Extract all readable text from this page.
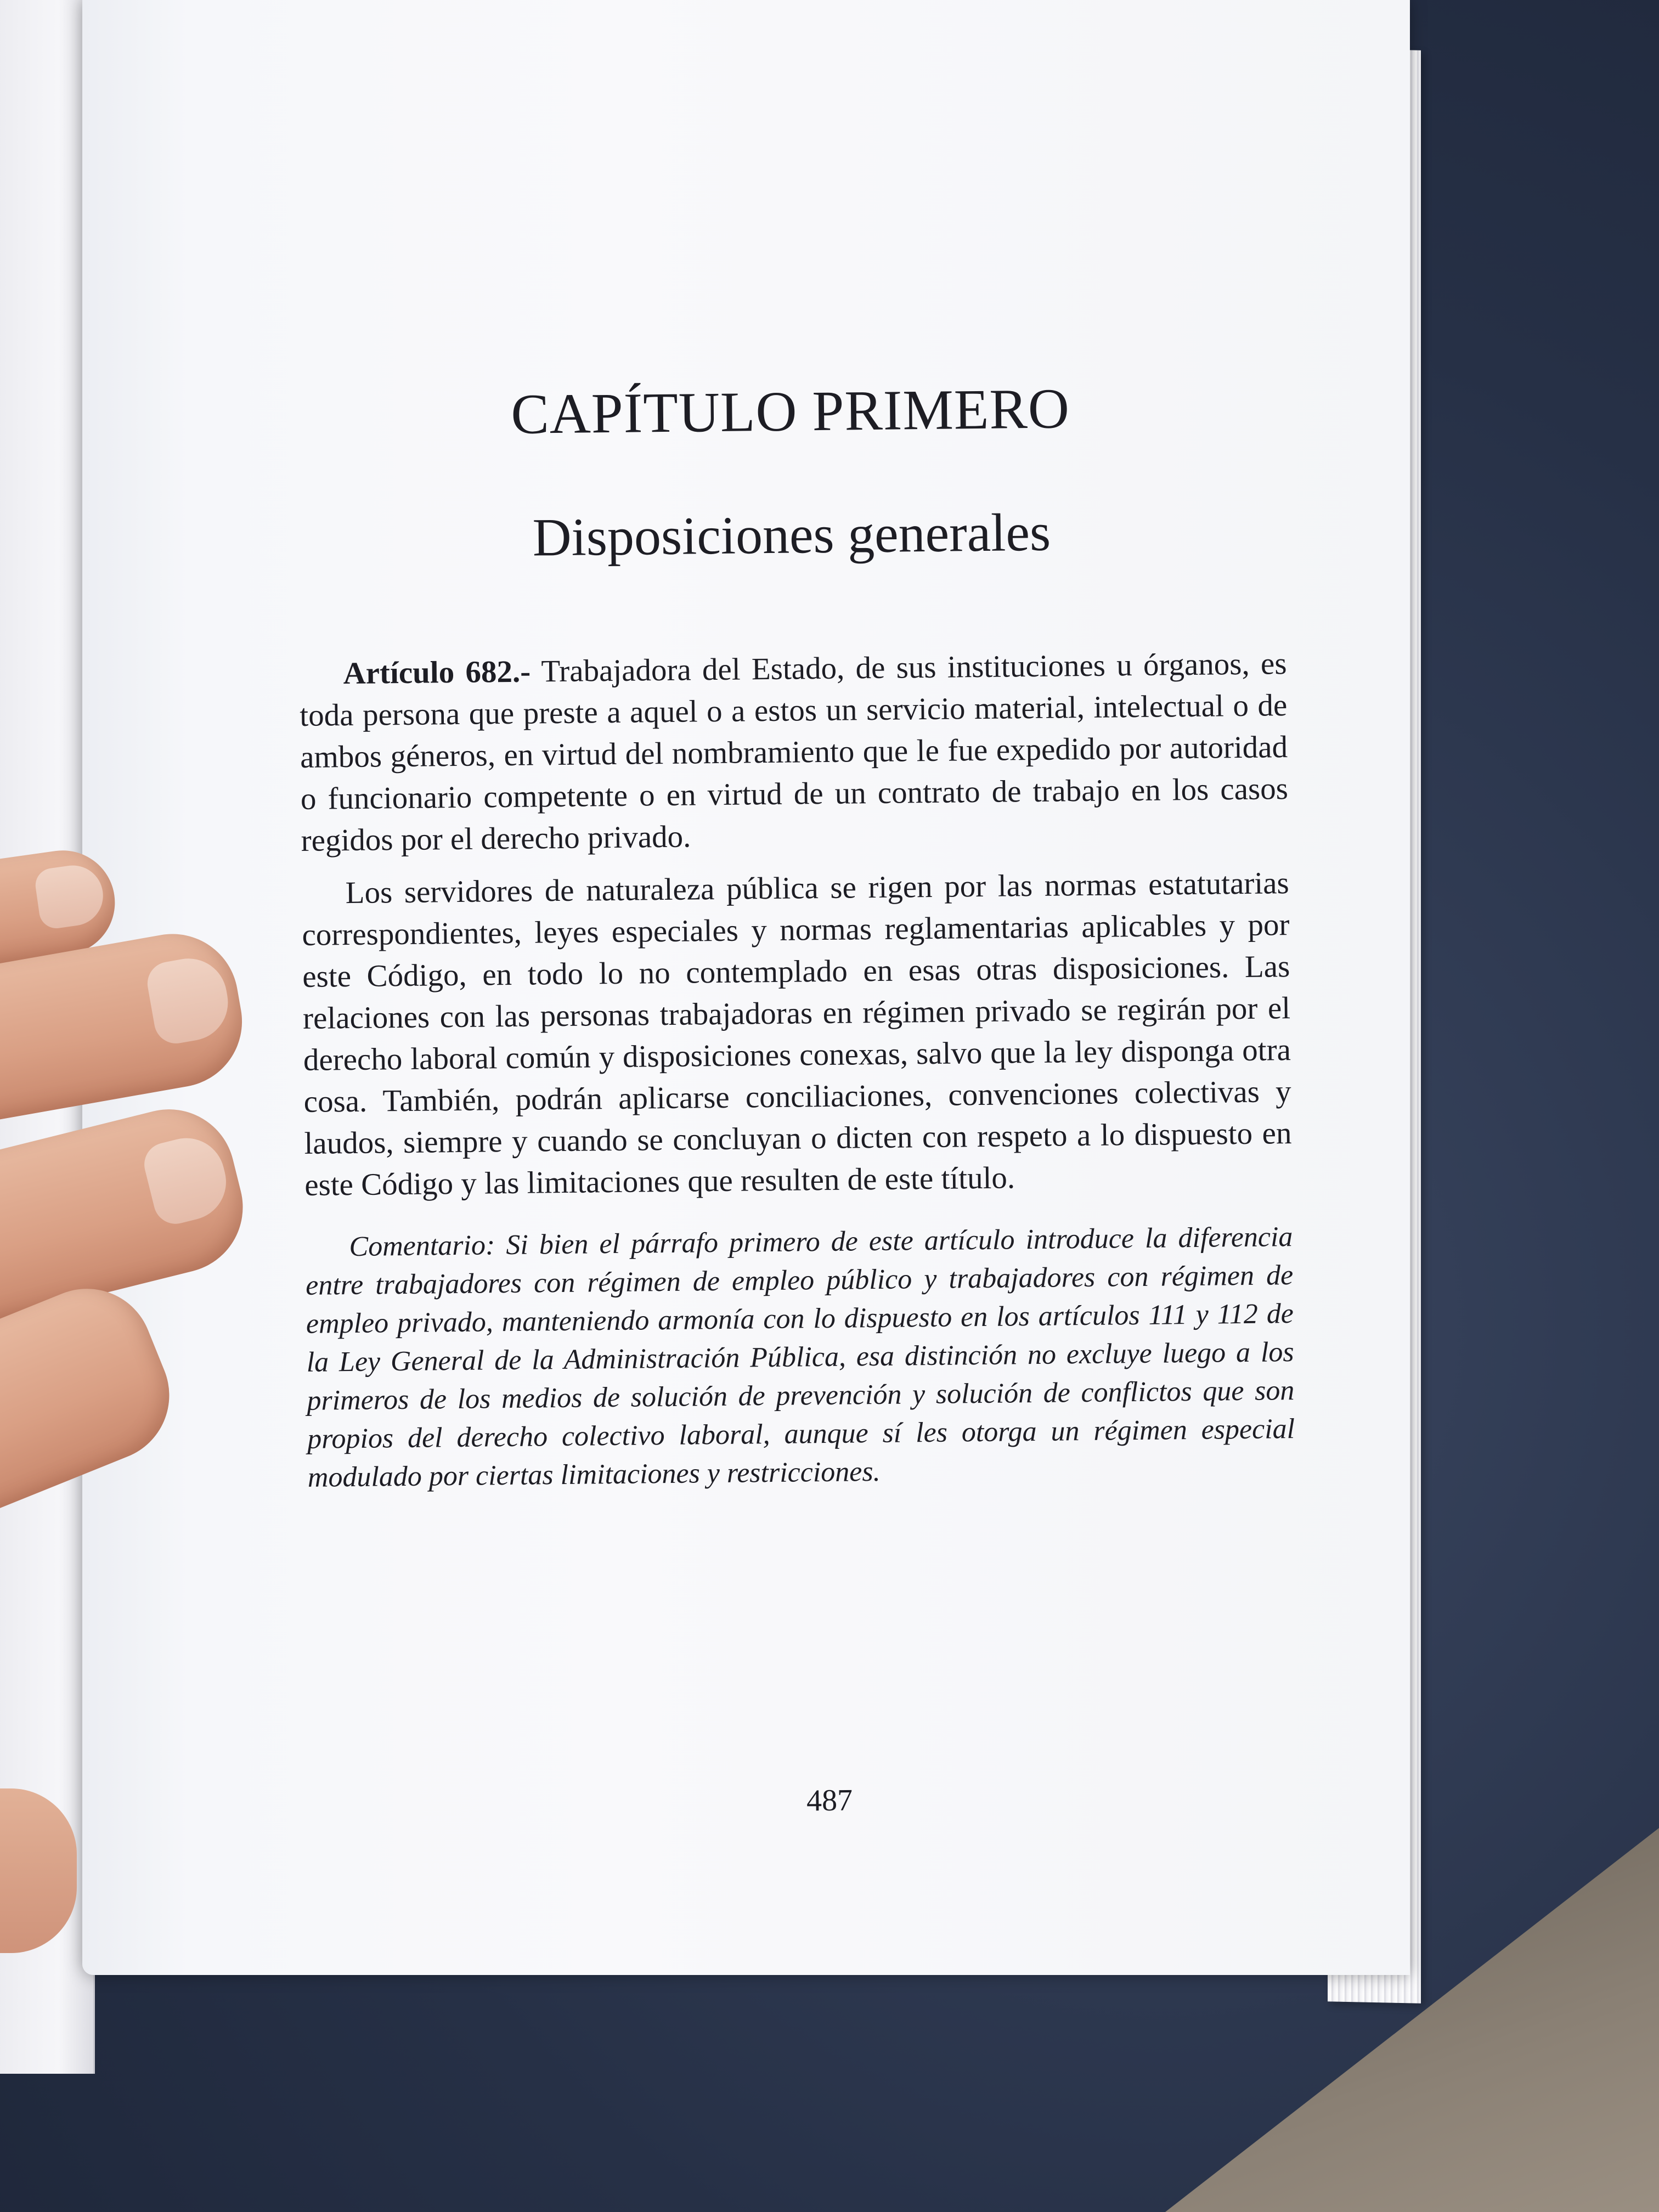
CAPÍTULO PRIMERO
Disposiciones generales

Artículo 682.- Trabajadora del Estado, de sus instituciones u órganos, es toda persona que preste a aquel o a estos un servicio material, intelectual o de ambos géneros, en virtud del nombramiento que le fue expedido por autoridad o funcionario competente o en virtud de un contrato de trabajo en los casos regidos por el derecho privado.

Los servidores de naturaleza pública se rigen por las normas estatutarias correspondientes, leyes especiales y normas reglamentarias aplicables y por este Código, en todo lo no contemplado en esas otras disposiciones. Las relaciones con las personas trabajadoras en régimen privado se regirán por el derecho laboral común y disposiciones conexas, salvo que la ley disponga otra cosa. También, podrán aplicarse conciliaciones, convenciones colectivas y laudos, siempre y cuando se concluyan o dicten con respeto a lo dispuesto en este Código y las limitaciones que resulten de este título.

Comentario: Si bien el párrafo primero de este artículo introduce la diferencia entre trabajadores con régimen de empleo público y trabajadores con régimen de empleo privado, manteniendo armonía con lo dispuesto en los artículos 111 y 112 de la Ley General de la Administración Pública, esa distinción no excluye luego a los primeros de los medios de solución de prevención y solución de conflictos que son propios del derecho colectivo laboral, aunque sí les otorga un régimen especial modulado por ciertas limitaciones y restricciones.

487
